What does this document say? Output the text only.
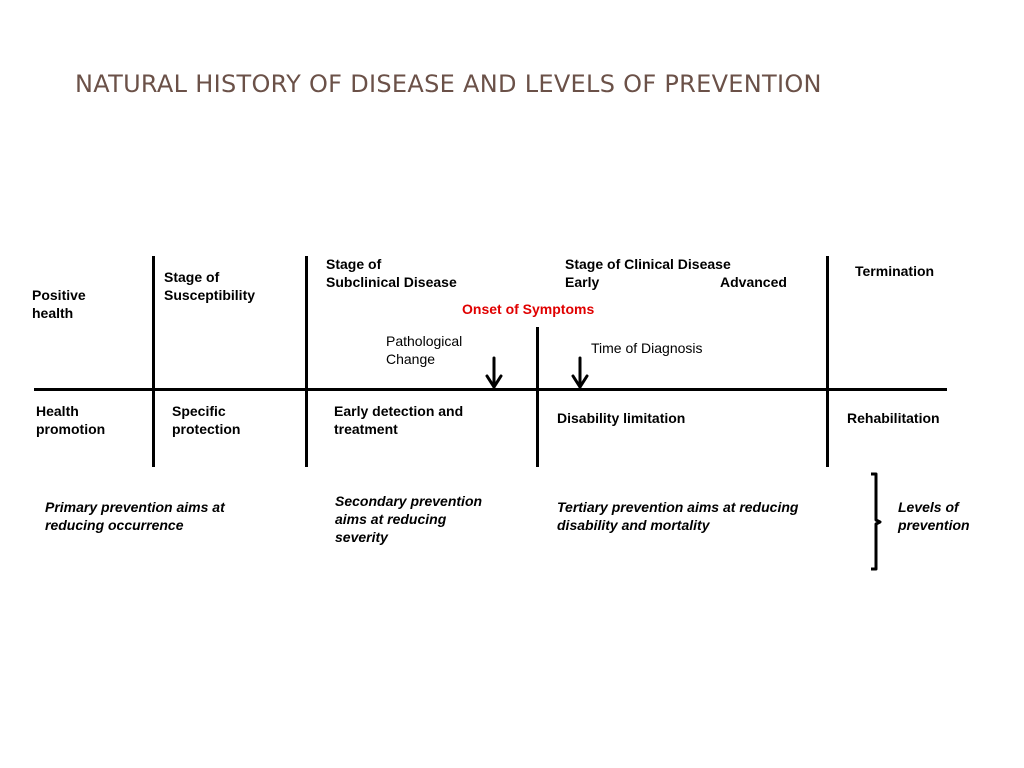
NATURAL HISTORY OF DISEASE AND LEVELS OF PREVENTION
Positive
health
Stage of
Susceptibility
Stage of
Subclinical Disease
Stage of Clinical Disease
Early	Advanced
Termination
Onset of Symptoms
Pathological
Change
Time of Diagnosis
Health
promotion
Specific
protection
Early detection and
treatment
Disability limitation	Rehabilitation
Primary prevention aims at
reducing occurrence
Secondary prevention
aims at reducing
severity
Tertiary prevention aims at reducing
disability and mortality
Levels of
prevention
